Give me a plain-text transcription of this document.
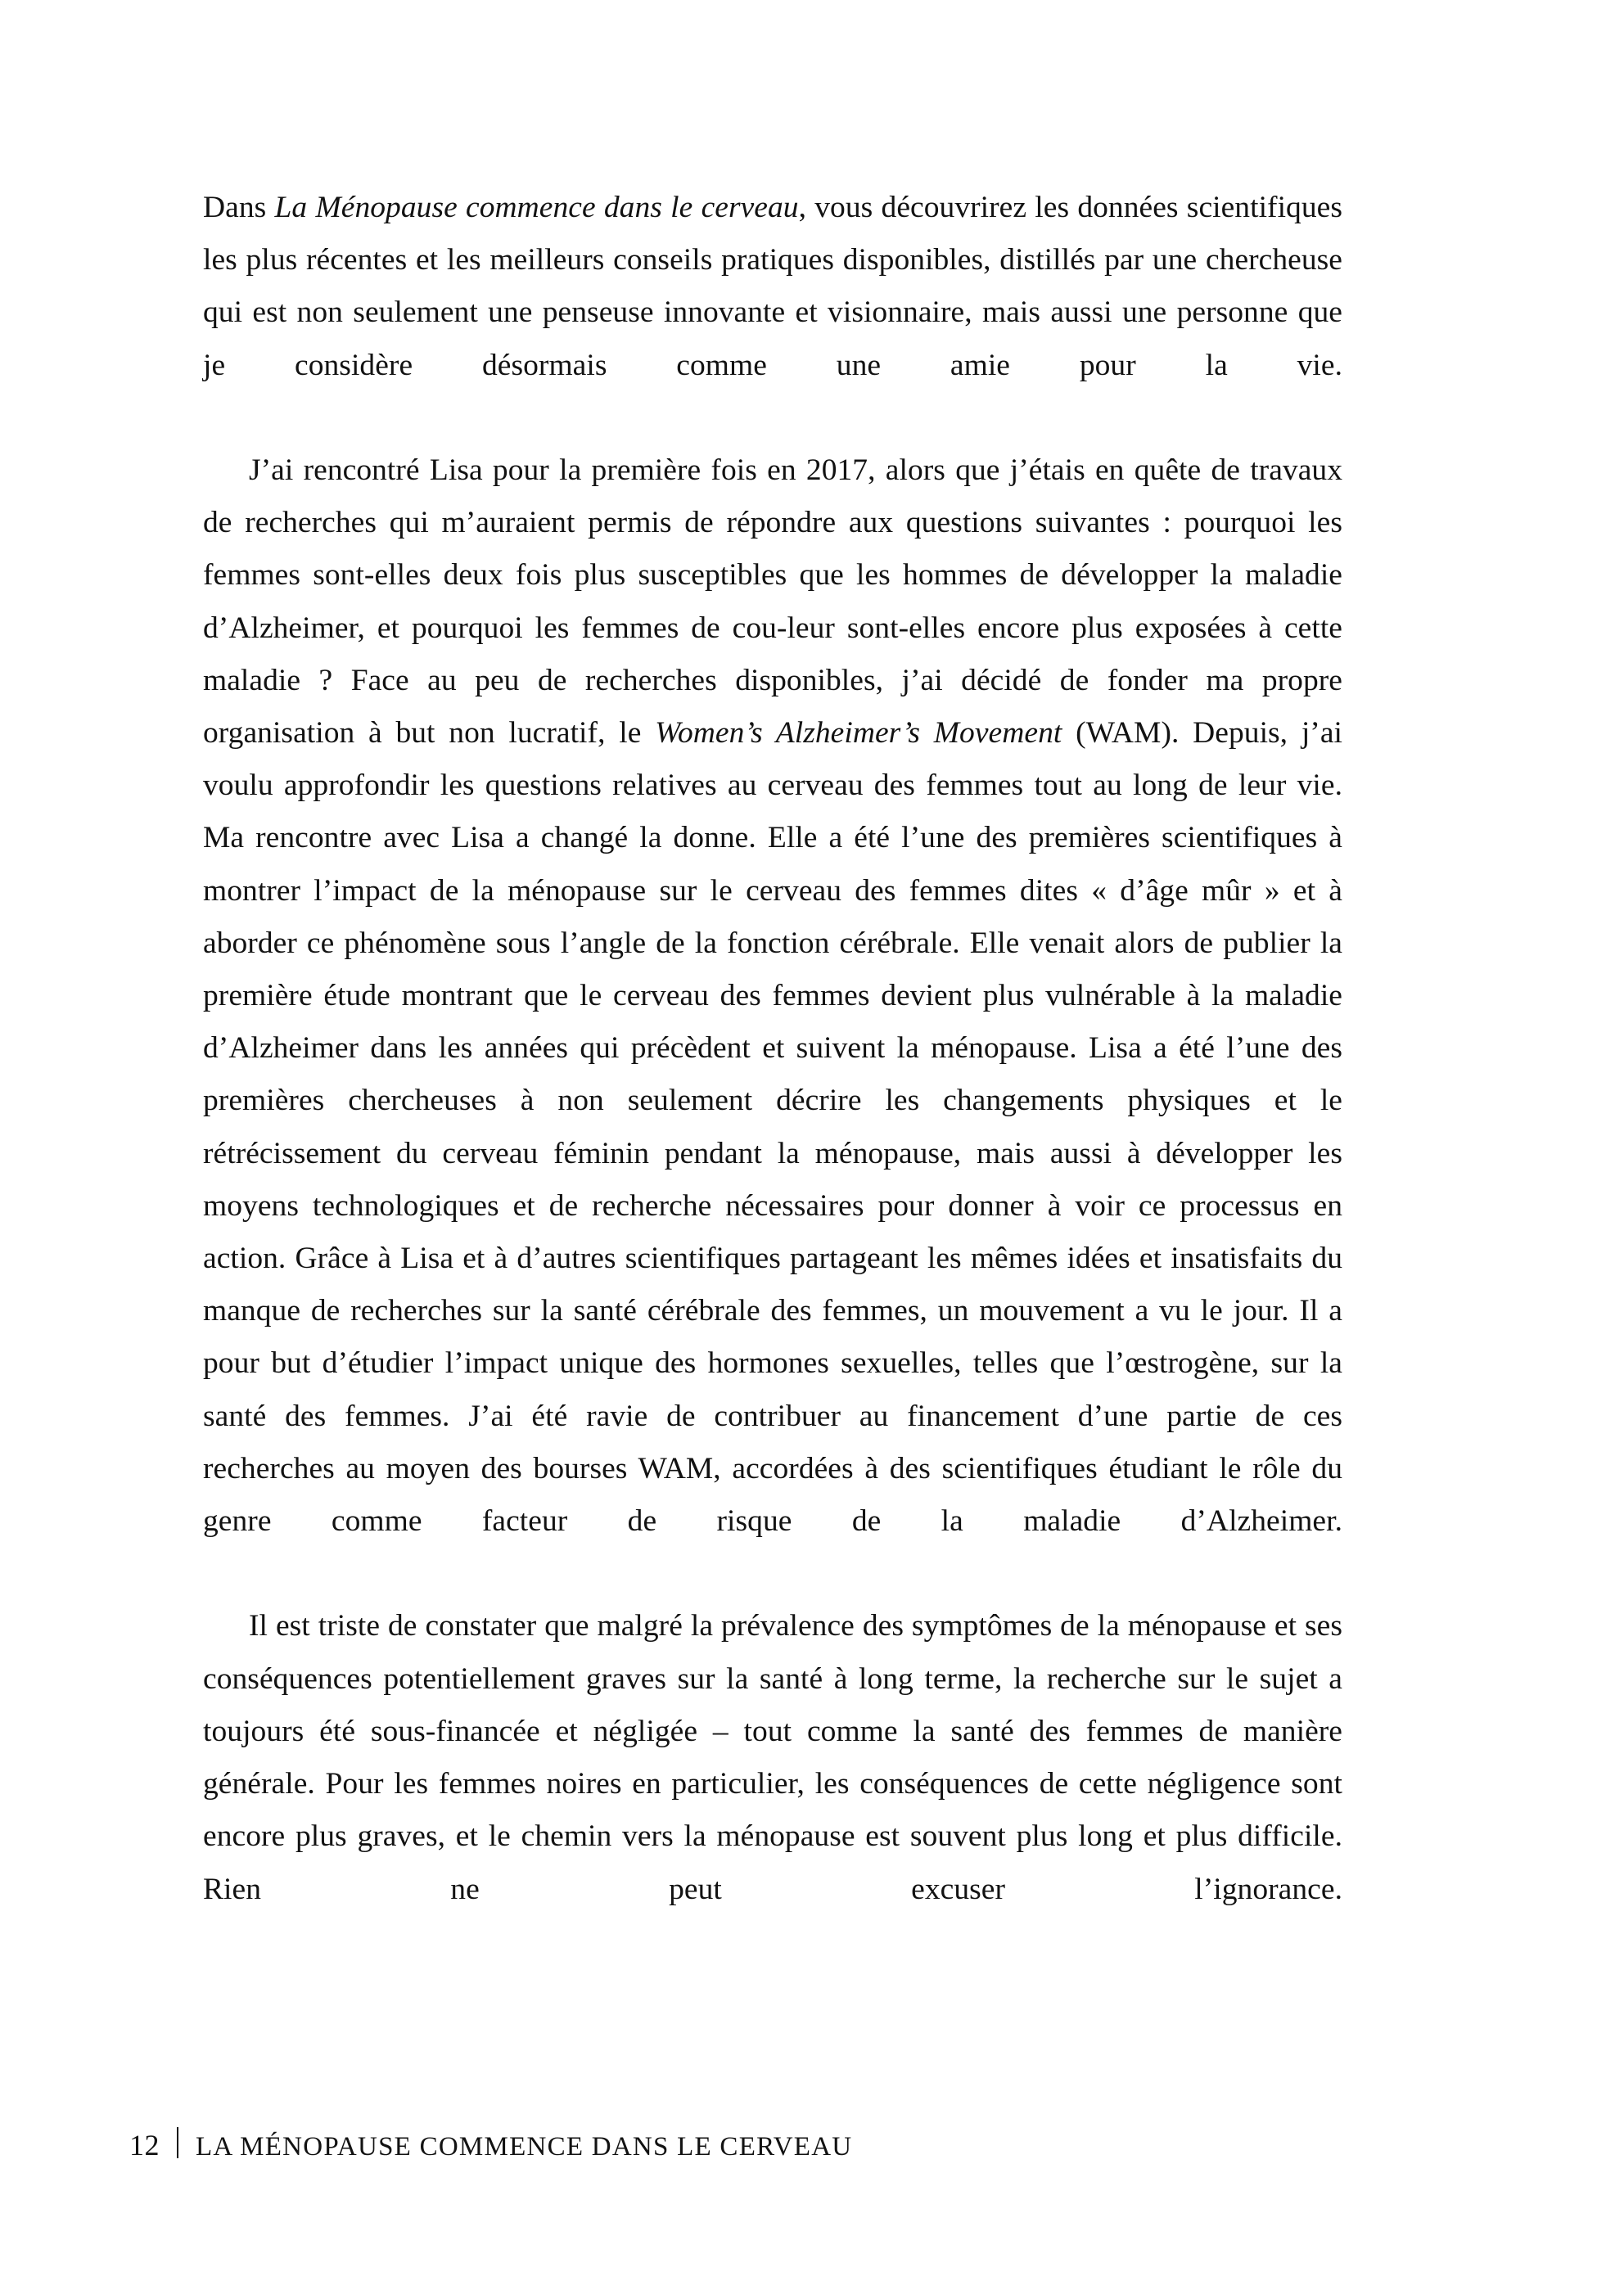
Dans La Ménopause commence dans le cerveau, vous découvrirez les données scientifiques les plus récentes et les meilleurs conseils pratiques disponibles, distillés par une chercheuse qui est non seulement une penseuse innovante et visionnaire, mais aussi une personne que je considère désormais comme une amie pour la vie.

J’ai rencontré Lisa pour la première fois en 2017, alors que j’étais en quête de travaux de recherches qui m’auraient permis de répondre aux questions suivantes : pourquoi les femmes sont-elles deux fois plus susceptibles que les hommes de développer la maladie d’Alzheimer, et pourquoi les femmes de cou-leur sont-elles encore plus exposées à cette maladie ? Face au peu de recherches disponibles, j’ai décidé de fonder ma propre organisation à but non lucratif, le Women’s Alzheimer’s Movement (WAM). Depuis, j’ai voulu approfondir les questions relatives au cerveau des femmes tout au long de leur vie. Ma rencontre avec Lisa a changé la donne. Elle a été l’une des premières scientifiques à montrer l’impact de la ménopause sur le cerveau des femmes dites « d’âge mûr » et à aborder ce phénomène sous l’angle de la fonction cérébrale. Elle venait alors de publier la première étude montrant que le cerveau des femmes devient plus vulnérable à la maladie d’Alzheimer dans les années qui précèdent et suivent la ménopause. Lisa a été l’une des premières chercheuses à non seulement décrire les changements physiques et le rétrécissement du cerveau féminin pendant la ménopause, mais aussi à développer les moyens technologiques et de recherche nécessaires pour donner à voir ce processus en action. Grâce à Lisa et à d’autres scientifiques partageant les mêmes idées et insatisfaits du manque de recherches sur la santé cérébrale des femmes, un mouvement a vu le jour. Il a pour but d’étudier l’impact unique des hormones sexuelles, telles que l’œstrogène, sur la santé des femmes. J’ai été ravie de contribuer au financement d’une partie de ces recherches au moyen des bourses WAM, accordées à des scientifiques étudiant le rôle du genre comme facteur de risque de la maladie d’Alzheimer.

Il est triste de constater que malgré la prévalence des symptômes de la ménopause et ses conséquences potentiellement graves sur la santé à long terme, la recherche sur le sujet a toujours été sous-financée et négligée – tout comme la santé des femmes de manière générale. Pour les femmes noires en particulier, les conséquences de cette négligence sont encore plus graves, et le chemin vers la ménopause est souvent plus long et plus difficile. Rien ne peut excuser l’ignorance.

12 LA MÉNOPAUSE COMMENCE DANS LE CERVEAU
